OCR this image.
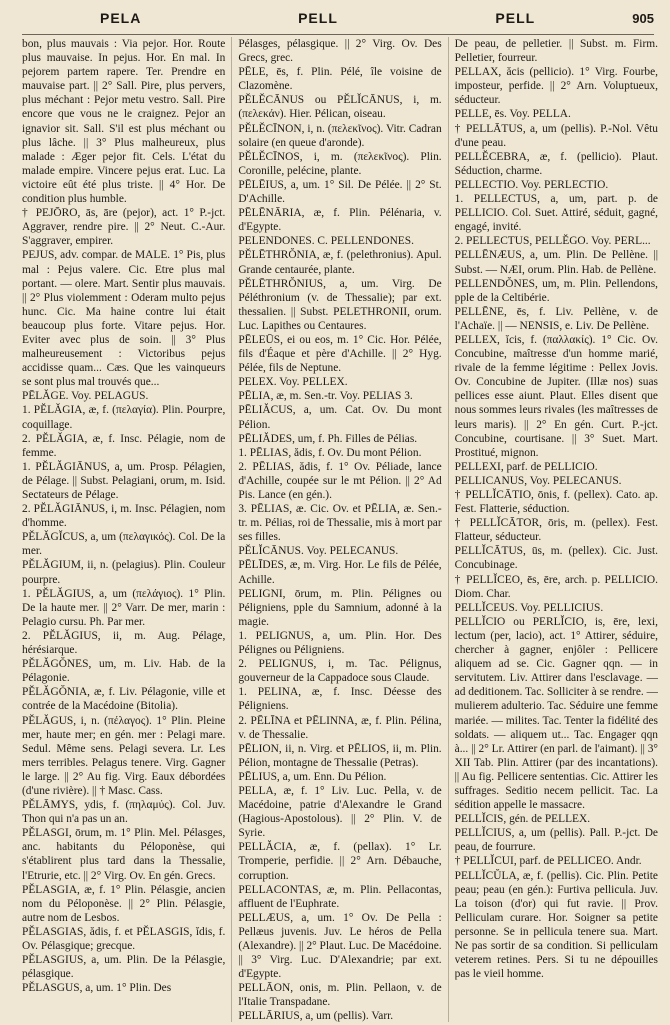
PELA	PELL	PELL	905

bon, plus mauvais : Via pejor. Hor. Route plus mauvaise. In pejus. Hor. En mal. In pejorem partem rapere. Ter. Prendre en mauvaise part. || 2° Sall. Pire, plus pervers, plus méchant : Pejor metu vestro. Sall. Pire encore que vous ne le craignez. Pejor an ignavior sit. Sall. S'il est plus méchant ou plus lâche. || 3° Plus malheureux, plus malade : Æger pejor fit. Cels. L'état du malade empire. Vincere pejus erat. Luc. La victoire eût été plus triste. || 4° Hor. De condition plus humble.

† PEJŌRO, ās, āre (pejor), act. 1° P.-jct. Aggraver, rendre pire. || 2° Neut. C.-Aur. S'aggraver, empirer.

PEJUS, adv. compar. de MALE. 1° Pis, plus mal : Pejus valere. Cic. Etre plus mal portant. — olere. Mart. Sentir plus mauvais. || 2° Plus violemment : Oderam multo pejus hunc. Cic. Ma haine contre lui était beaucoup plus forte. Vitare pejus. Hor. Eviter avec plus de soin. || 3° Plus malheureusement : Victoribus pejus accidisse quam... Cæs. Que les vainqueurs se sont plus mal trouvés que...

PĒLĂGE. Voy. PELAGUS.

1. PĔLĂGIA, æ, f. (πελαγία). Plin. Pourpre, coquillage.

2. PĔLĂGIA, æ, f. Insc. Pélagie, nom de femme.

1. PĔLĂGIĀNUS, a, um. Prosp. Pélagien, de Pélage. || Subst. Pelagiani, orum, m. Isid. Sectateurs de Pélage.

2. PĔLĂGIĀNUS, i, m. Insc. Pélagien, nom d'homme.

PĔLĂGĬCUS, a, um (πελαγικός). Col. De la mer.

PĔLĂGIUM, ii, n. (pelagius). Plin. Couleur pourpre.

1. PĔLĂGIUS, a, um (πελάγιος). 1° Plin. De la haute mer. || 2° Varr. De mer, marin : Pelagio cursu. Ph. Par mer.

2. PĔLĂGIUS, ii, m. Aug. Pélage, hérésiarque.

PĔLĂGŎNES, um, m. Liv. Hab. de la Pélagonie.

PĔLĂGŎNIA, æ, f. Liv. Pélagonie, ville et contrée de la Macédoine (Bitolia).

PĔLĂGUS, i, n. (πέλαγος). 1° Plin. Pleine mer, haute mer; en gén. mer : Pelagi mare. Sedul. Même sens. Pelagi severa. Lr. Les mers terribles. Pelagus tenere. Virg. Gagner le large. || 2° Au fig. Virg. Eaux débordées (d'une rivière). || † Masc. Cass.

PĔLĀMYS, ydis, f. (πηλαμύς). Col. Juv. Thon qui n'a pas un an.

PĔLASGI, ōrum, m. 1° Plin. Mel. Pélasges, anc. habitants du Péloponèse, qui s'établirent plus tard dans la Thessalie, l'Etrurie, etc. || 2° Virg. Ov. En gén. Grecs.

PĔLASGIA, æ, f. 1° Plin. Pélasgie, ancien nom du Péloponèse. || 2° Plin. Pélasgie, autre nom de Lesbos.

PĔLASGIAS, ădis, f. et PĔLASGIS, ĭdis, f. Ov. Pélasgique; grecque.

PĔLASGIUS, a, um. Plin. De la Pélasgie, pélasgique.

PĔLASGUS, a, um. 1° Plin. Des

Pélasges, pélasgique. || 2° Virg. Ov. Des Grecs, grec.

PĒLE, ēs, f. Plin. Pélé, île voisine de Clazomène.

PĔLĔCĀNUS ou PĔLĬCĀNUS, i, m. (πελεκάν). Hier. Pélican, oiseau.

PĔLĔCĪNON, i, n. (πελεκῖνος). Vitr. Cadran solaire (en queue d'aronde).

PĔLĔCĪNOS, i, m. (πελεκῖνος). Plin. Coronille, pelécine, plante.

PĒLĒIUS, a, um. 1° Sil. De Pélée. || 2° St. D'Achille.

PĒLĒNĀRIA, æ, f. Plin. Pélénaria, v. d'Egypte.

PELENDONES. C. PELLENDONES.

PĔLĒTHRŎNIA, æ, f. (pelethronius). Apul. Grande centaurée, plante.

PĔLĒTHRŎNIUS, a, um. Virg. De Péléthronium (v. de Thessalie); par ext. thessalien. || Subst. PELETHRONII, orum. Luc. Lapithes ou Centaures.

PĒLEŪS, ei ou eos, m. 1° Cic. Hor. Pélée, fils d'Éaque et père d'Achille. || 2° Hyg. Pélée, fils de Neptune.

PELEX. Voy. PELLEX.

PĒLIA, æ, m. Sen.-tr. Voy. PELIAS 3.

PĒLIĂCUS, a, um. Cat. Ov. Du mont Pélion.

PĒLIĂDES, um, f. Ph. Filles de Pélias.

1. PĒLIAS, ădis, f. Ov. Du mont Pélion.

2. PĒLIAS, ădis, f. 1° Ov. Péliade, lance d'Achille, coupée sur le mt Pélion. || 2° Ad Pis. Lance (en gén.).

3. PĒLIAS, æ. Cic. Ov. et PĒLIA, æ. Sen.-tr. m. Pélias, roi de Thessalie, mis à mort par ses filles.

PĔLĬCĀNUS. Voy. PELECANUS.

PĒLĪDES, æ, m. Virg. Hor. Le fils de Pélée, Achille.

PELIGNI, ōrum, m. Plin. Pélignes ou Péligniens, pple du Samnium, adonné à la magie.

1. PELIGNUS, a, um. Plin. Hor. Des Pélignes ou Péligniens.

2. PELIGNUS, i, m. Tac. Pélignus, gouverneur de la Cappadoce sous Claude.

1. PELINA, æ, f. Insc. Déesse des Péligniens.

2. PĒLĪNA et PĒLINNA, æ, f. Plin. Pélina, v. de Thessalie.

PĒLION, ii, n. Virg. et PĒLIOS, ii, m. Plin. Pélion, montagne de Thessalie (Petras).

PĒLIUS, a, um. Enn. Du Pélion.

PELLA, æ, f. 1° Liv. Luc. Pella, v. de Macédoine, patrie d'Alexandre le Grand (Hagious-Apostolous). || 2° Plin. V. de Syrie.

PELLĂCIA, æ, f. (pellax). 1° Lr. Tromperie, perfidie. || 2° Arn. Débauche, corruption.

PELLACONTAS, æ, m. Plin. Pellacontas, affluent de l'Euphrate.

PELLÆUS, a, um. 1° Ov. De Pella : Pellæus juvenis. Juv. Le héros de Pella (Alexandre). || 2° Plaut. Luc. De Macédoine. || 3° Virg. Luc. D'Alexandrie; par ext. d'Egypte.

PELLĀON, onis, m. Plin. Pellaon, v. de l'Italie Transpadane.

PELLĀRIUS, a, um (pellis). Varr.

De peau, de pelletier. || Subst. m. Firm. Pelletier, fourreur.

PELLAX, ăcis (pellicio). 1° Virg. Fourbe, imposteur, perfide. || 2° Arn. Voluptueux, séducteur.

PELLE, ēs. Voy. PELLA.

† PELLĀTUS, a, um (pellis). P.-Nol. Vêtu d'une peau.

PELLĔCEBRA, æ, f. (pellicio). Plaut. Séduction, charme.

PELLECTIO. Voy. PERLECTIO.

1. PELLECTUS, a, um, part. p. de PELLICIO. Col. Suet. Attiré, séduit, gagné, engagé, invité.

2. PELLECTUS, PELLĔGO. Voy. PERL...

PELLĒNÆUS, a, um. Plin. De Pellène. || Subst. — NÆI, orum. Plin. Hab. de Pellène.

PELLENDŎNES, um, m. Plin. Pellendons, pple de la Celtibérie.

PELLĒNE, ēs, f. Liv. Pellène, v. de l'Achaïe. || — NENSIS, e. Liv. De Pellène.

PELLEX, ĭcis, f. (παλλακίς). 1° Cic. Ov. Concubine, maîtresse d'un homme marié, rivale de la femme légitime : Pellex Jovis. Ov. Concubine de Jupiter. (Illæ nos) suas pellices esse aiunt. Plaut. Elles disent que nous sommes leurs rivales (les maîtresses de leurs maris). || 2° En gén. Curt. P.-jct. Concubine, courtisane. || 3° Suet. Mart. Prostitué, mignon.

PELLEXI, parf. de PELLICIO.

PELLICANUS, Voy. PELECANUS.

† PELLĬCĀTIO, ōnis, f. (pellex). Cato. ap. Fest. Flatterie, séduction.

† PELLĬCĀTOR, ōris, m. (pellex). Fest. Flatteur, séducteur.

PELLĬCĀTUS, ūs, m. (pellex). Cic. Just. Concubinage.

† PELLĬCEO, ēs, ēre, arch. p. PELLICIO. Diom. Char.

PELLĬCEUS. Voy. PELLICIUS.

PELLĬCIO ou PERLĬCIO, is, ēre, lexi, lectum (per, lacio), act. 1° Attirer, séduire, chercher à gagner, enjôler : Pellicere aliquem ad se. Cic. Gagner qqn. — in servitutem. Liv. Attirer dans l'esclavage. — ad deditionem. Tac. Solliciter à se rendre. — mulierem adulterio. Tac. Séduire une femme mariée. — milites. Tac. Tenter la fidélité des soldats. — aliquem ut... Tac. Engager qqn à... || 2° Lr. Attirer (en parl. de l'aimant). || 3° XII Tab. Plin. Attirer (par des incantations). || Au fig. Pellicere sententias. Cic. Attirer les suffrages. Seditio necem pellicit. Tac. La sédition appelle le massacre.

PELLĬCIS, gén. de PELLEX.

PELLĬCIUS, a, um (pellis). Pall. P.-jct. De peau, de fourrure.

† PELLĬCUI, parf. de PELLICEO. Andr.

PELLĬCŬLA, æ, f. (pellis). Cic. Plin. Petite peau; peau (en gén.): Furtiva pellicula. Juv. La toison (d'or) qui fut ravie. || Prov. Pelliculam curare. Hor. Soigner sa petite personne. Se in pellicula tenere sua. Mart. Ne pas sortir de sa condition. Si pelliculam veterem retines. Pers. Si tu ne dépouilles pas le vieil homme.
